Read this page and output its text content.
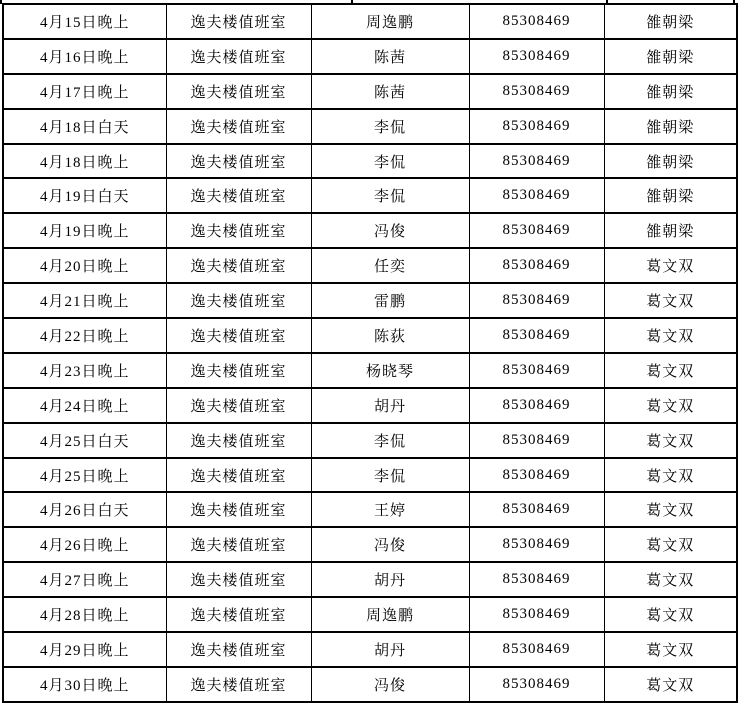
4月15日晚上	逸夫楼值班室	周逸鹏	85308469	雒朝梁
4月16日晚上	逸夫楼值班室	陈茜	85308469	雒朝梁
4月17日晚上	逸夫楼值班室	陈茜	85308469	雒朝梁
4月18日白天	逸夫楼值班室	李侃	85308469	雒朝梁
4月18日晚上	逸夫楼值班室	李侃	85308469	雒朝梁
4月19日白天	逸夫楼值班室	李侃	85308469	雒朝梁
4月19日晚上	逸夫楼值班室	冯俊	85308469	雒朝梁
4月20日晚上	逸夫楼值班室	任奕	85308469	葛文双
4月21日晚上	逸夫楼值班室	雷鹏	85308469	葛文双
4月22日晚上	逸夫楼值班室	陈荻	85308469	葛文双
4月23日晚上	逸夫楼值班室	杨晓琴	85308469	葛文双
4月24日晚上	逸夫楼值班室	胡丹	85308469	葛文双
4月25日白天	逸夫楼值班室	李侃	85308469	葛文双
4月25日晚上	逸夫楼值班室	李侃	85308469	葛文双
4月26日白天	逸夫楼值班室	王婷	85308469	葛文双
4月26日晚上	逸夫楼值班室	冯俊	85308469	葛文双
4月27日晚上	逸夫楼值班室	胡丹	85308469	葛文双
4月28日晚上	逸夫楼值班室	周逸鹏	85308469	葛文双
4月29日晚上	逸夫楼值班室	胡丹	85308469	葛文双
4月30日晚上	逸夫楼值班室	冯俊	85308469	葛文双
